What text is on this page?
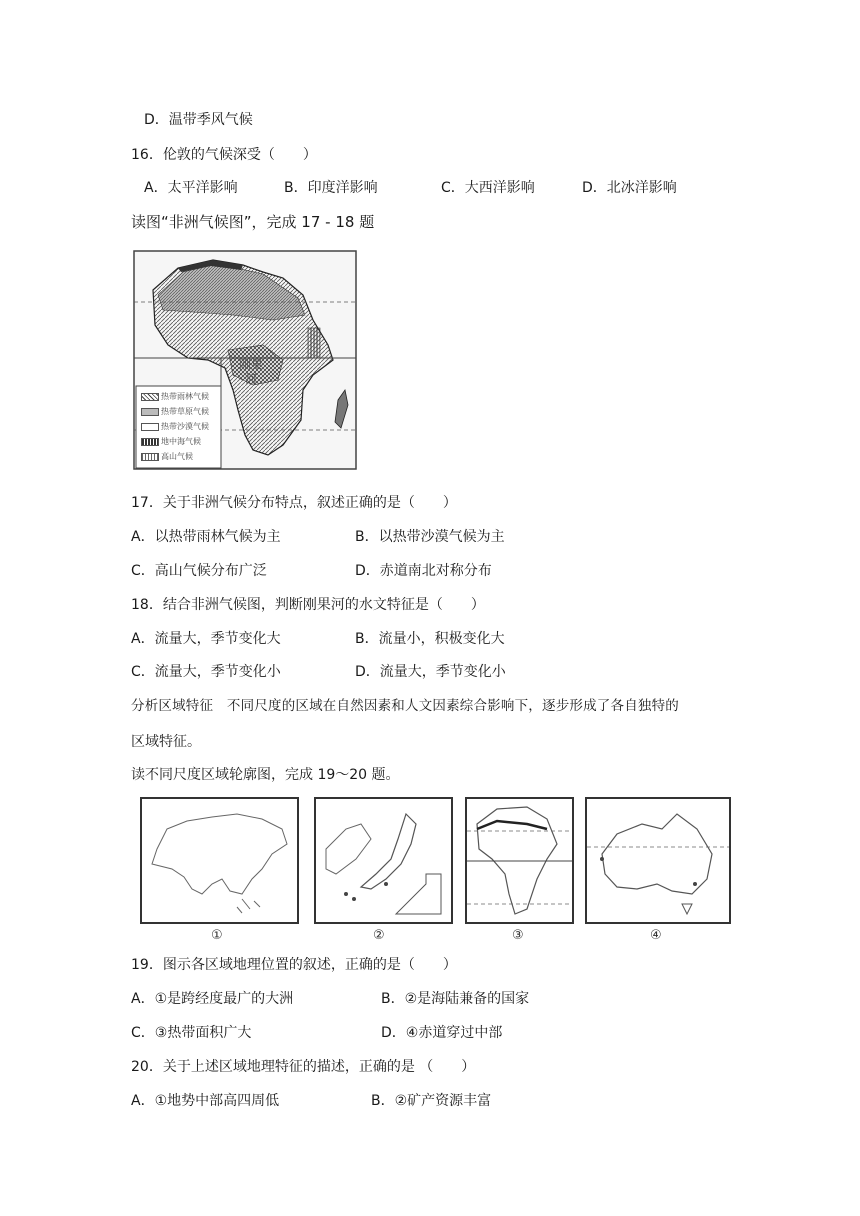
D．温带季风气候
16．伦敦的气候深受（　　）
A．太平洋影响	B．印度洋影响	C．大西洋影响	D．北冰洋影响
读图“非洲气候图”，完成 17 - 18 题
刚果河
热带雨林气候
热带草原气候
热带沙漠气候
地中海气候
高山气候
17．关于非洲气候分布特点，叙述正确的是（　　）
A．以热带雨林气候为主	B．以热带沙漠气候为主
C．高山气候分布广泛	D．赤道南北对称分布
18．结合非洲气候图，判断刚果河的水文特征是（　　）
A．流量大，季节变化大	B．流量小，积极变化大
C．流量大，季节变化小	D．流量大，季节变化小
分析区域特征　不同尺度的区域在自然因素和人文因素综合影响下，逐步形成了各自独特的
区域特征。
读不同尺度区域轮廓图，完成 19～20 题。
①	②	③	④
19．图示各区域地理位置的叙述，正确的是（　　）
A．①是跨经度最广的大洲	B．②是海陆兼备的国家
C．③热带面积广大	D．④赤道穿过中部
20．关于上述区域地理特征的描述，正确的是 （　　）
A．①地势中部高四周低	B．②矿产资源丰富
